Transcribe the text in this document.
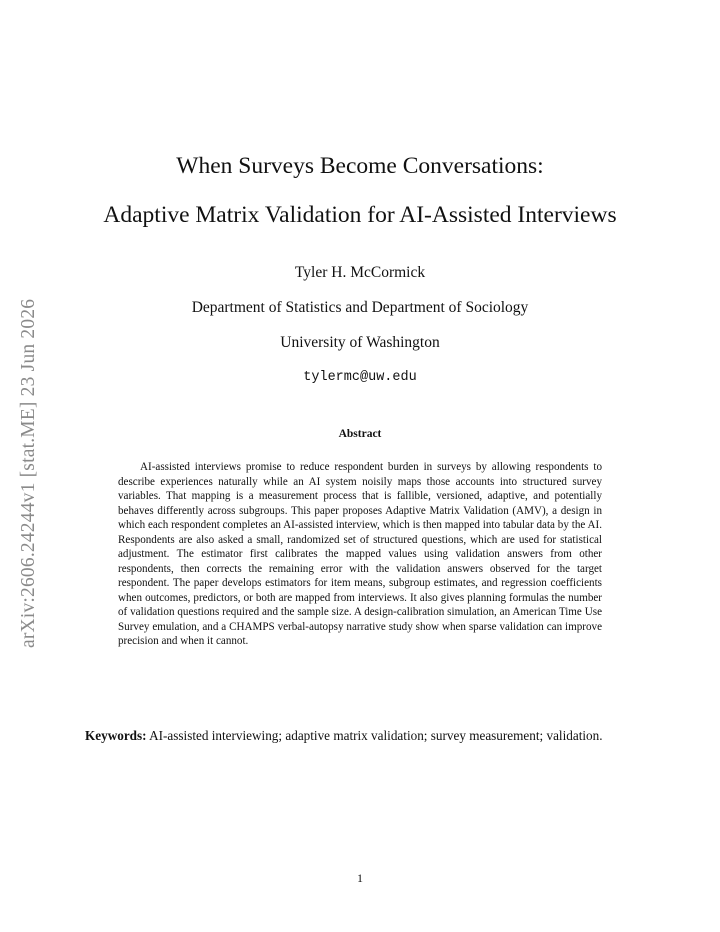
arXiv:2606.24244v1 [stat.ME] 23 Jun 2026
When Surveys Become Conversations:
Adaptive Matrix Validation for AI-Assisted Interviews
Tyler H. McCormick
Department of Statistics and Department of Sociology
University of Washington
tylermc@uw.edu
Abstract

AI-assisted interviews promise to reduce respondent burden in surveys by allowing respondents to describe experiences naturally while an AI system noisily maps those accounts into structured survey variables. That mapping is a measurement process that is fallible, versioned, adaptive, and potentially behaves differently across subgroups. This paper proposes Adaptive Matrix Validation (AMV), a design in which each respondent completes an AI-assisted interview, which is then mapped into tabular data by the AI. Respondents are also asked a small, randomized set of structured questions, which are used for statistical adjustment. The estimator first calibrates the mapped values using validation answers from other respondents, then corrects the remaining error with the validation answers observed for the target respondent. The paper develops estimators for item means, subgroup estimates, and regression coefficients when outcomes, predictors, or both are mapped from interviews. It also gives planning formulas the number of validation questions required and the sample size. A design-calibration simulation, an American Time Use Survey emulation, and a CHAMPS verbal-autopsy narrative study show when sparse validation can improve precision and when it cannot.

Keywords: AI-assisted interviewing; adaptive matrix validation; survey measurement; validation.

1
